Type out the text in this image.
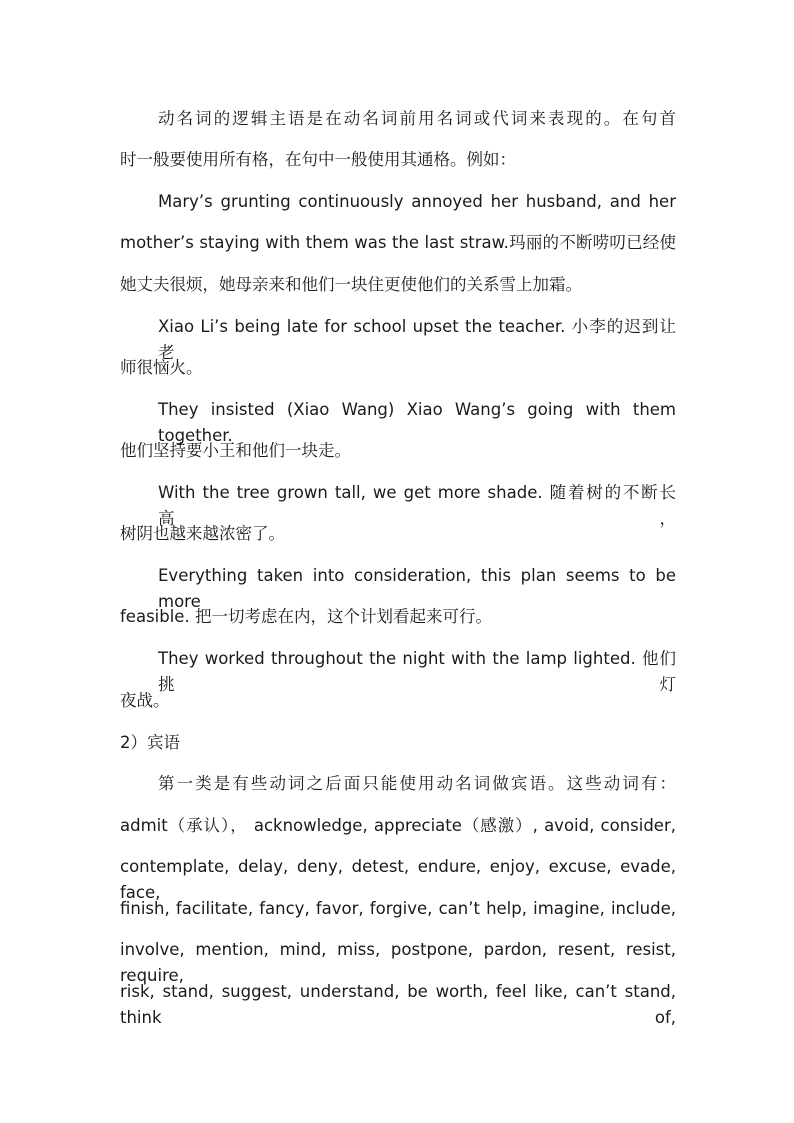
动名词的逻辑主语是在动名词前用名词或代词来表现的。在句首
时一般要使用所有格，在句中一般使用其通格。例如：
Mary’s grunting continuously annoyed her husband, and her
mother’s staying with them was the last straw.玛丽的不断唠叨已经使
她丈夫很烦，她母亲来和他们一块住更使他们的关系雪上加霜。
Xiao Li’s being late for school upset the teacher. 小李的迟到让老
师很恼火。
They insisted (Xiao Wang) Xiao Wang’s going with them together.
他们坚持要小王和他们一块走。
With the tree grown tall, we get more shade. 随着树的不断长高，
树阴也越来越浓密了。
Everything taken into consideration, this plan seems to be more
feasible. 把一切考虑在内，这个计划看起来可行。
They worked throughout the night with the lamp lighted. 他们挑灯
夜战。
2）宾语
第一类是有些动词之后面只能使用动名词做宾语。这些动词有：
admit（承认）， acknowledge, appreciate（感激）, avoid, consider,
contemplate, delay, deny, detest, endure, enjoy, excuse, evade, face,
finish, facilitate, fancy, favor, forgive, can’t help, imagine, include,
involve, mention, mind, miss, postpone, pardon, resent, resist, require,
risk, stand, suggest, understand, be worth, feel like, can’t stand, think of,
